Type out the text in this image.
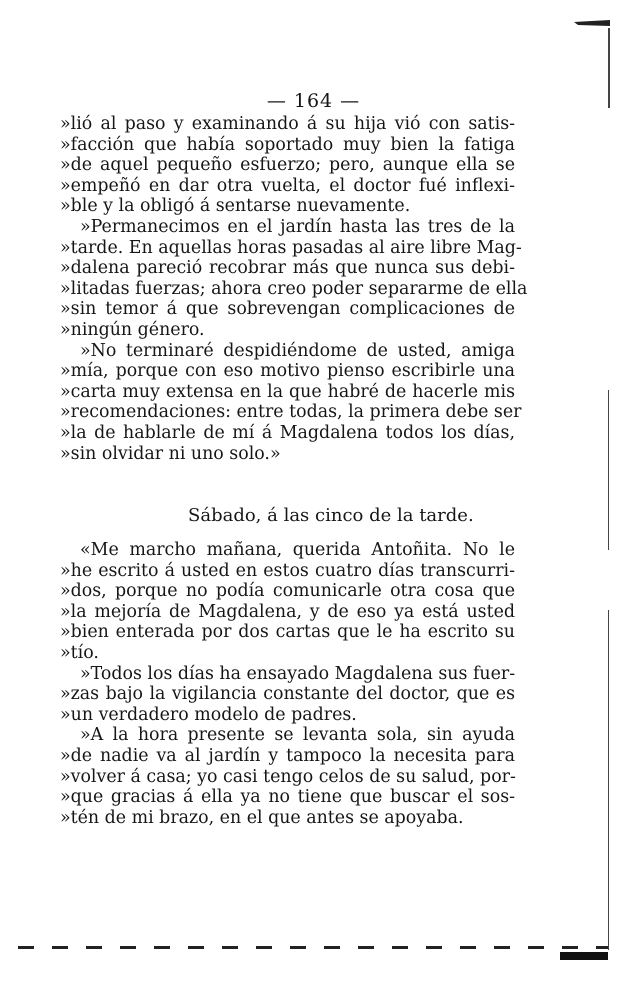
— 164 —
»lió al paso y examinando á su hija vió con satis-
»facción que había soportado muy bien la fatiga
»de aquel pequeño esfuerzo; pero, aunque ella se
»empeñó en dar otra vuelta, el doctor fué inflexi-
»ble y la obligó á sentarse nuevamente.
»Permanecimos en el jardín hasta las tres de la
»tarde. En aquellas horas pasadas al aire libre Mag-
»dalena pareció recobrar más que nunca sus debi-
»litadas fuerzas; ahora creo poder separarme de ella
»sin temor á que sobrevengan complicaciones de
»ningún género.
»No terminaré despidiéndome de usted, amiga
»mía, porque con eso motivo pienso escribirle una
»carta muy extensa en la que habré de hacerle mis
»recomendaciones: entre todas, la primera debe ser
»la de hablarle de mí á Magdalena todos los días,
»sin olvidar ni uno solo.»
Sábado, á las cinco de la tarde.
«Me marcho mañana, querida Antoñita. No le
»he escrito á usted en estos cuatro días transcurri-
»dos, porque no podía comunicarle otra cosa que
»la mejoría de Magdalena, y de eso ya está usted
»bien enterada por dos cartas que le ha escrito su
»tío.
»Todos los días ha ensayado Magdalena sus fuer-
»zas bajo la vigilancia constante del doctor, que es
»un verdadero modelo de padres.
»A la hora presente se levanta sola, sin ayuda
»de nadie va al jardín y tampoco la necesita para
»volver á casa; yo casi tengo celos de su salud, por-
»que gracias á ella ya no tiene que buscar el sos-
»tén de mi brazo, en el que antes se apoyaba.
